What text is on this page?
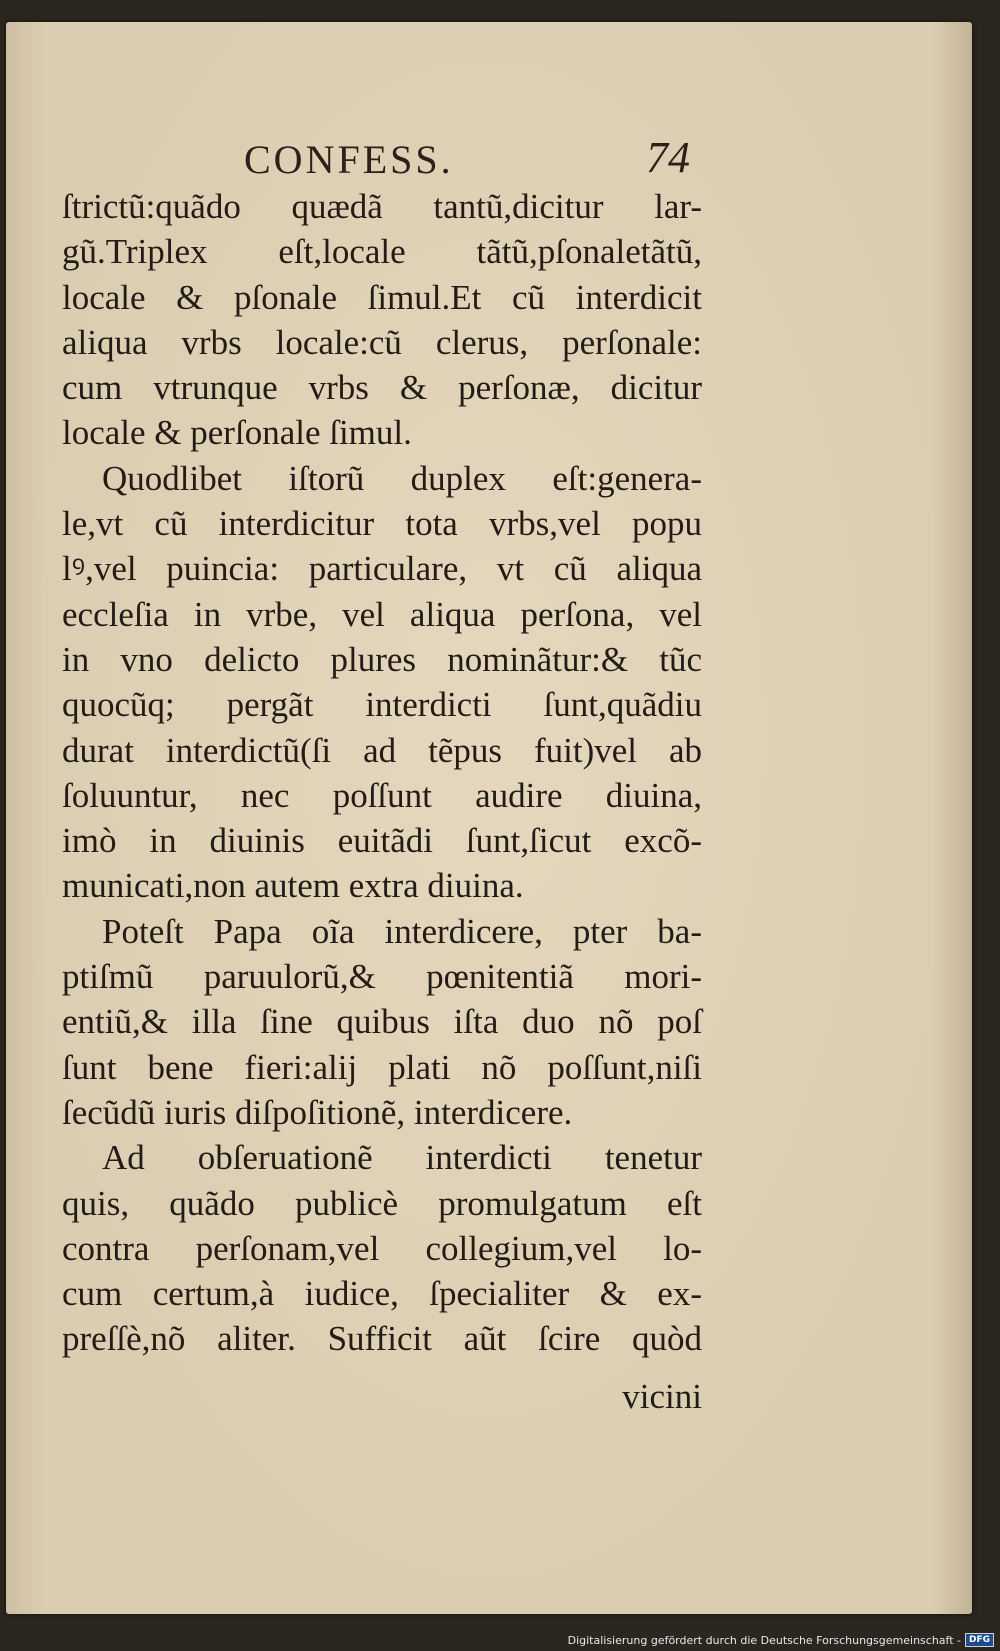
CONFESS.	74
ſtrictũ:quãdo quædã tantũ,dicitur lar-
gũ.Triplex eſt,locale tãtũ,pſonaletãtũ,
locale & pſonale ſimul.Et cũ interdicit
aliqua vrbs locale:cũ clerus, perſonale:
cum vtrunque vrbs & perſonæ, dicitur
locale & perſonale ſimul.
Quodlibet iſtorũ duplex eſt:genera-
le,vt cũ interdicitur tota vrbs,vel popu
lꝰ,vel puincia: particulare, vt cũ aliqua
eccleſia in vrbe, vel aliqua perſona, vel
in vno delicto plures nominãtur:& tũc
quocũq; pergãt interdicti ſunt,quãdiu
durat interdictũ(ſi ad tẽpus fuit)vel ab
ſoluuntur, nec poſſunt audire diuina,
imò in diuinis euitãdi ſunt,ſicut excõ-
municati,non autem extra diuina.
Poteſt Papa oĩa interdicere, pter ba-
ptiſmũ paruulorũ,& pœnitentiã mori-
entiũ,& illa ſine quibus iſta duo nõ poſ
ſunt bene fieri:alij plati nõ poſſunt,niſi
ſecũdũ iuris diſpoſitionẽ, interdicere.
Ad obſeruationẽ interdicti tenetur
quis, quãdo publicè promulgatum eſt
contra perſonam,vel collegium,vel lo-
cum certum,à iudice, ſpecialiter & ex-
preſſè,nõ aliter. Sufficit aũt ſcire quòd
vicini
Digitalisierung gefördert durch die Deutsche Forschungsgemeinschaft - DFG
